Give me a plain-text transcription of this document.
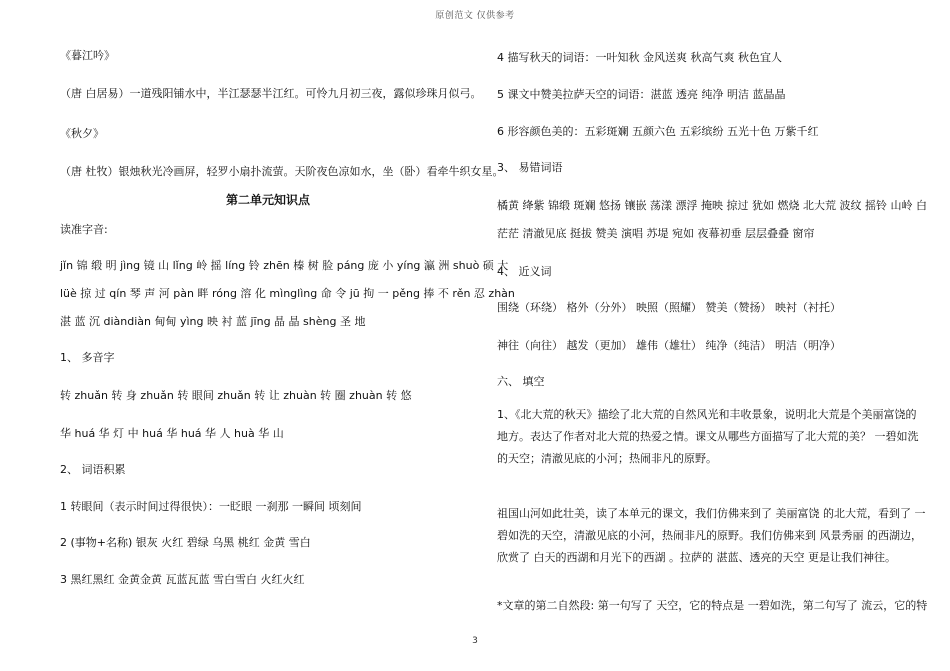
原创范文 仅供参考
《暮江吟》
（唐 白居易）一道残阳铺水中，半江瑟瑟半江红。可怜九月初三夜，露似珍珠月似弓。
《秋夕》
（唐 杜牧）银烛秋光冷画屏，轻罗小扇扑流萤。天阶夜色凉如水，坐（卧）看牵牛织女星。
第二单元知识点
读准字音:
jǐn 锦 缎 明 jìng 镜 山 lǐng 岭 摇 líng 铃 zhēn 榛 树 脸 páng 庞 小 yíng 瀛 洲 shuò 硕 大
lüè 掠 过 qín 琴 声 河 pàn 畔 róng 溶 化 mìnglìng 命 令 jū 拘 一 pěng 捧 不 rěn 忍 zhàn
湛 蓝 沉 diàndiàn 甸甸 yìng 映 衬 蓝 jīng 晶 晶 shèng 圣 地
1、 多音字
转 zhuǎn 转 身 zhuǎn 转 眼间 zhuǎn 转 让 zhuàn 转 圈 zhuàn 转 悠
华 huá 华 灯 中 huá 华 huá 华 人 huà 华 山
2、 词语积累
1 转眼间（表示时间过得很快）：一眨眼 一刹那 一瞬间 顷刻间
2 (事物+名称) 银灰 火红 碧绿 乌黑 桃红 金黄 雪白
3 黑红黑红 金黄金黄 瓦蓝瓦蓝 雪白雪白 火红火红
4 描写秋天的词语：一叶知秋 金风送爽 秋高气爽 秋色宜人
5 课文中赞美拉萨天空的词语：湛蓝 透亮 纯净 明洁 蓝晶晶
6 形容颜色美的：五彩斑斓 五颜六色 五彩缤纷 五光十色 万紫千红
3、 易错词语
橘黄 绛紫 锦缎 斑斓 悠扬 镶嵌 荡漾 漂浮 掩映 掠过 犹如 燃烧 北大荒 波纹 摇铃 山岭 白
茫茫 清澈见底 挺拔 赞美 演唱 苏堤 宛如 夜幕初垂 层层叠叠 窗帘
4、 近义词
围绕（环绕） 格外（分外） 映照（照耀） 赞美（赞扬） 映衬（衬托）
神往（向往） 越发（更加） 雄伟（雄壮） 纯净（纯洁） 明洁（明净）
六、 填空
1、《北大荒的秋天》描绘了北大荒的自然风光和丰收景象，说明北大荒是个美丽富饶的地方。表达了作者对北大荒的热爱之情。课文从哪些方面描写了北大荒的美？ 一碧如洗的天空；清澈见底的小河；热闹非凡的原野。
祖国山河如此壮美，读了本单元的课文，我们仿佛来到了 美丽富饶 的北大荒，看到了 一碧如洗的天空，清澈见底的小河，热闹非凡的原野。我们仿佛来到 风景秀丽 的西湖边，欣赏了 白天的西湖和月光下的西湖 。拉萨的 湛蓝、透亮的天空 更是让我们神往。
*文章的第二自然段: 第一句写了 天空，它的特点是 一碧如洗，第二句写了 流云，它的特
3
